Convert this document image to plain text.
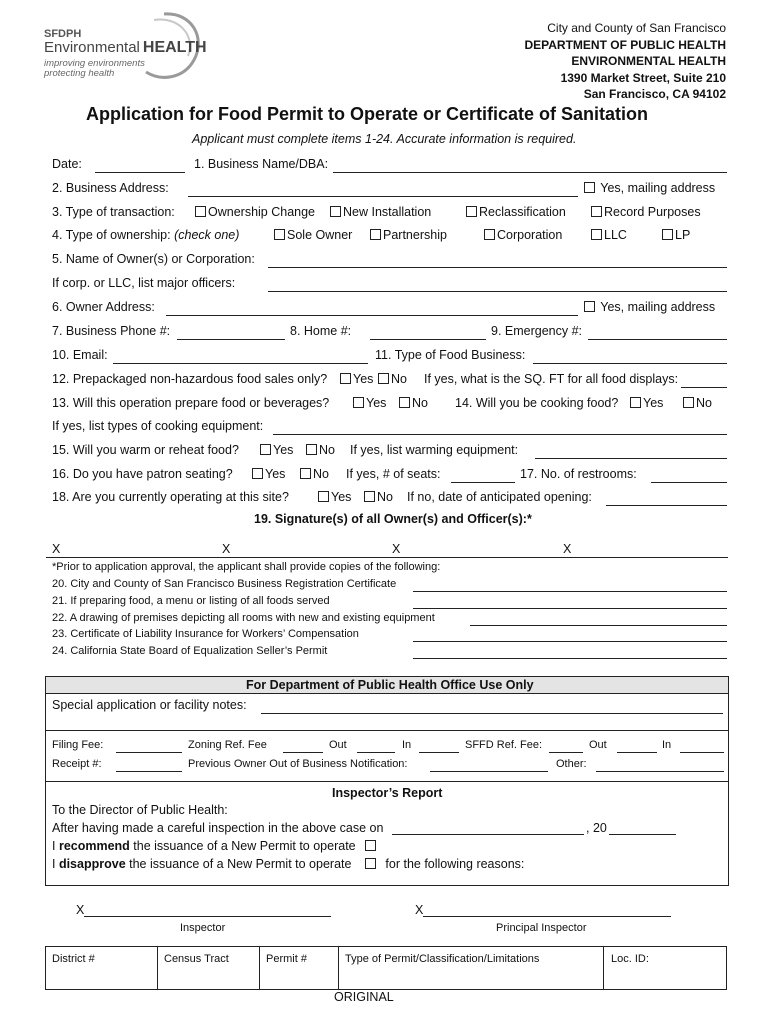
SFDPH
Environmental HEALTH
improving environments
protecting health
City and County of San Francisco
DEPARTMENT OF PUBLIC HEALTH
ENVIRONMENTAL HEALTH
1390 Market Street, Suite 210
San Francisco, CA 94102
Application for Food Permit to Operate or Certificate of Sanitation
Applicant must complete items 1-24. Accurate information is required.
Date:	1. Business Name/DBA:
2. Business Address:	Yes, mailing address
3. Type of transaction:	Ownership Change	New Installation	Reclassification	Record Purposes
4. Type of ownership: (check one)	Sole Owner	Partnership	Corporation	LLC	LP
5. Name of Owner(s) or Corporation:
If corp. or LLC, list major officers:
6. Owner Address:	Yes, mailing address
7. Business Phone #:	8. Home #:	9. Emergency #:
10. Email:	11. Type of Food Business:
12. Prepackaged non-hazardous food sales only?	Yes	No If yes, what is the SQ. FT for all food displays:
13. Will this operation prepare food or beverages?	Yes	No 14. Will you be cooking food?	Yes	No
If yes, list types of cooking equipment:
15. Will you warm or reheat food?	Yes	No If yes, list warming equipment:
16. Do you have patron seating?	Yes	No If yes, # of seats:	17. No. of restrooms:
18. Are you currently operating at this site?	Yes	No If no, date of anticipated opening:
19. Signature(s) of all Owner(s) and Officer(s):*
X	X	X	X
*Prior to application approval, the applicant shall provide copies of the following:
20. City and County of San Francisco Business Registration Certificate
21. If preparing food, a menu or listing of all foods served
22. A drawing of premises depicting all rooms with new and existing equipment
23. Certificate of Liability Insurance for Workers’ Compensation
24. California State Board of Equalization Seller’s Permit
For Department of Public Health Office Use Only
Special application or facility notes:
Filing Fee:	Zoning Ref. Fee	Out	In	SFFD Ref. Fee:	Out	In
Receipt #:	Previous Owner Out of Business Notification:	Other:
Inspector’s Report
To the Director of Public Health:
After having made a careful inspection in the above case on	, 20
I recommend the issuance of a New Permit to operate
I disapprove the issuance of a New Permit to operate	for the following reasons:
X
Inspector
X
Principal Inspector
District #	Census Tract	Permit #	Type of Permit/Classification/Limitations	Loc. ID:
ORIGINAL
